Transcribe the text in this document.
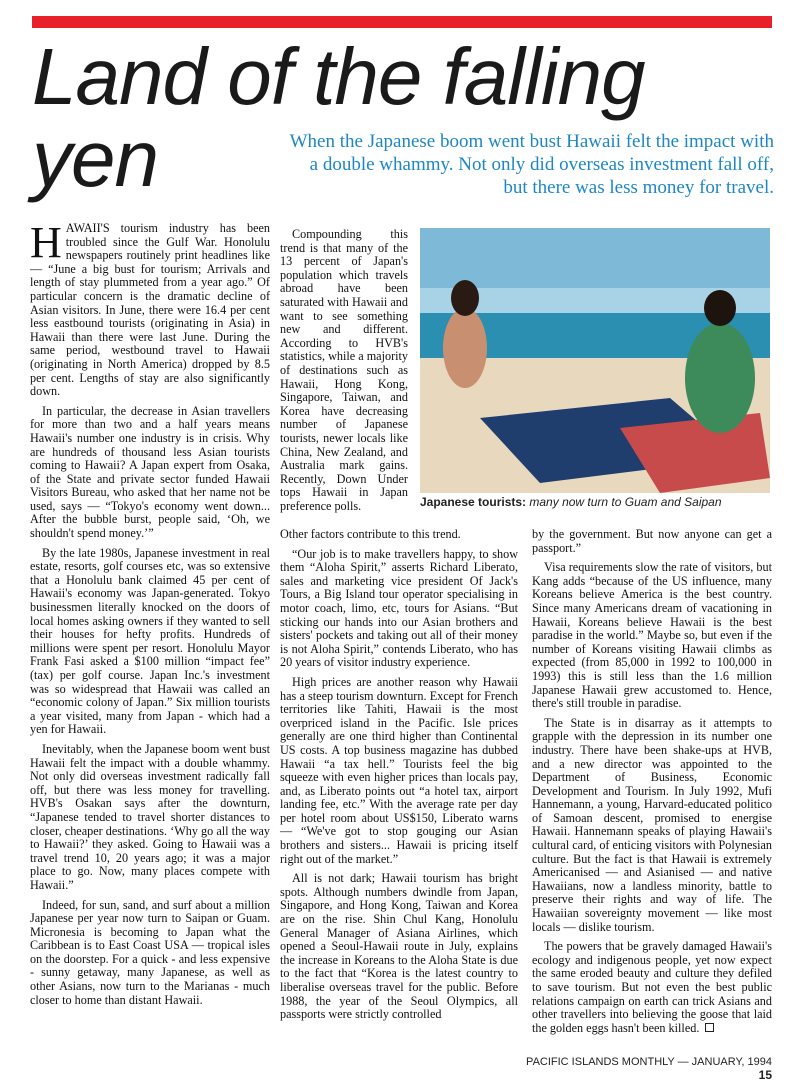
Land of the falling
yen	When the Japanese boom went bust Hawaii felt the impact with a double whammy. Not only did overseas investment fall off, but there was less money for travel.

HAWAII'S tourism industry has been troubled since the Gulf War. Honolulu newspapers routinely print headlines like — “June a big bust for tourism; Arrivals and length of stay plummeted from a year ago.” Of particular concern is the dramatic decline of Asian visitors. In June, there were 16.4 per cent less eastbound tourists (originating in Asia) in Hawaii than there were last June. During the same period, westbound travel to Hawaii (originating in North America) dropped by 8.5 per cent. Lengths of stay are also significantly down.

In particular, the decrease in Asian travellers for more than two and a half years means Hawaii's number one industry is in crisis. Why are hundreds of thousand less Asian tourists coming to Hawaii? A Japan expert from Osaka, of the State and private sector funded Hawaii Visitors Bureau, who asked that her name not be used, says — “Tokyo's economy went down... After the bubble burst, people said, ‘Oh, we shouldn't spend money.’”

By the late 1980s, Japanese investment in real estate, resorts, golf courses etc, was so extensive that a Honolulu bank claimed 45 per cent of Hawaii's economy was Japan-generated. Tokyo businessmen literally knocked on the doors of local homes asking owners if they wanted to sell their houses for hefty profits. Hundreds of millions were spent per resort. Honolulu Mayor Frank Fasi asked a $100 million “impact fee” (tax) per golf course. Japan Inc.'s investment was so widespread that Hawaii was called an “economic colony of Japan.” Six million tourists a year visited, many from Japan - which had a yen for Hawaii.

Inevitably, when the Japanese boom went bust Hawaii felt the impact with a double whammy. Not only did overseas investment radically fall off, but there was less money for travelling. HVB's Osakan says after the downturn, “Japanese tended to travel shorter distances to closer, cheaper destinations. ‘Why go all the way to Hawaii?’ they asked. Going to Hawaii was a travel trend 10, 20 years ago; it was a major place to go. Now, many places compete with Hawaii.”

Indeed, for sun, sand, and surf about a million Japanese per year now turn to Saipan or Guam. Micronesia is becoming to Japan what the Caribbean is to East Coast USA — tropical isles on the doorstep. For a quick - and less expensive - sunny getaway, many Japanese, as well as other Asians, now turn to the Marianas - much closer to home than distant Hawaii.

Compounding this trend is that many of the 13 percent of Japan's population which travels abroad have been saturated with Hawaii and want to see something new and different. According to HVB's statistics, while a majority of destinations such as Hawaii, Hong Kong, Singapore, Taiwan, and Korea have decreasing number of Japanese tourists, newer locals like China, New Zealand, and Australia mark gains. Recently, Down Under tops Hawaii in Japan preference polls.	Japanese tourists: many now turn to Guam and Saipan

Other factors contribute to this trend.

“Our job is to make travellers happy, to show them “Aloha Spirit,” asserts Richard Liberato, sales and marketing vice president Of Jack's Tours, a Big Island tour operator specialising in motor coach, limo, etc, tours for Asians. “But sticking our hands into our Asian brothers and sisters' pockets and taking out all of their money is not Aloha Spirit,” contends Liberato, who has 20 years of visitor industry experience.

High prices are another reason why Hawaii has a steep tourism downturn. Except for French territories like Tahiti, Hawaii is the most overpriced island in the Pacific. Isle prices generally are one third higher than Continental US costs. A top business magazine has dubbed Hawaii “a tax hell.” Tourists feel the big squeeze with even higher prices than locals pay, and, as Liberato points out “a hotel tax, airport landing fee, etc.” With the average rate per day per hotel room about US$150, Liberato warns — “We've got to stop gouging our Asian brothers and sisters... Hawaii is pricing itself right out of the market.”

All is not dark; Hawaii tourism has bright spots. Although numbers dwindle from Japan, Singapore, and Hong Kong, Taiwan and Korea are on the rise. Shin Chul Kang, Honolulu General Manager of Asiana Airlines, which opened a Seoul-Hawaii route in July, explains the increase in Koreans to the Aloha State is due to the fact that “Korea is the latest country to liberalise overseas travel for the public. Before 1988, the year of the Seoul Olympics, all passports were strictly controlled

by the government. But now anyone can get a passport.”

Visa requirements slow the rate of visitors, but Kang adds “because of the US influence, many Koreans believe America is the best country. Since many Americans dream of vacationing in Hawaii, Koreans believe Hawaii is the best paradise in the world.” Maybe so, but even if the number of Koreans visiting Hawaii climbs as expected (from 85,000 in 1992 to 100,000 in 1993) this is still less than the 1.6 million Japanese Hawaii grew accustomed to. Hence, there's still trouble in paradise.

The State is in disarray as it attempts to grapple with the depression in its number one industry. There have been shake-ups at HVB, and a new director was appointed to the Department of Business, Economic Development and Tourism. In July 1992, Mufi Hannemann, a young, Harvard-educated politico of Samoan descent, promised to energise Hawaii. Hannemann speaks of playing Hawaii's cultural card, of enticing visitors with Polynesian culture. But the fact is that Hawaii is extremely Americanised — and Asianised — and native Hawaiians, now a landless minority, battle to preserve their rights and way of life. The Hawaiian sovereignty movement — like most locals — dislike tourism.

The powers that be gravely damaged Hawaii's ecology and indigenous people, yet now expect the same eroded beauty and culture they defiled to save tourism. But not even the best public relations campaign on earth can trick Asians and other travellers into believing the goose that laid the golden eggs hasn't been killed.

PACIFIC ISLANDS MONTHLY — JANUARY, 1994 15
